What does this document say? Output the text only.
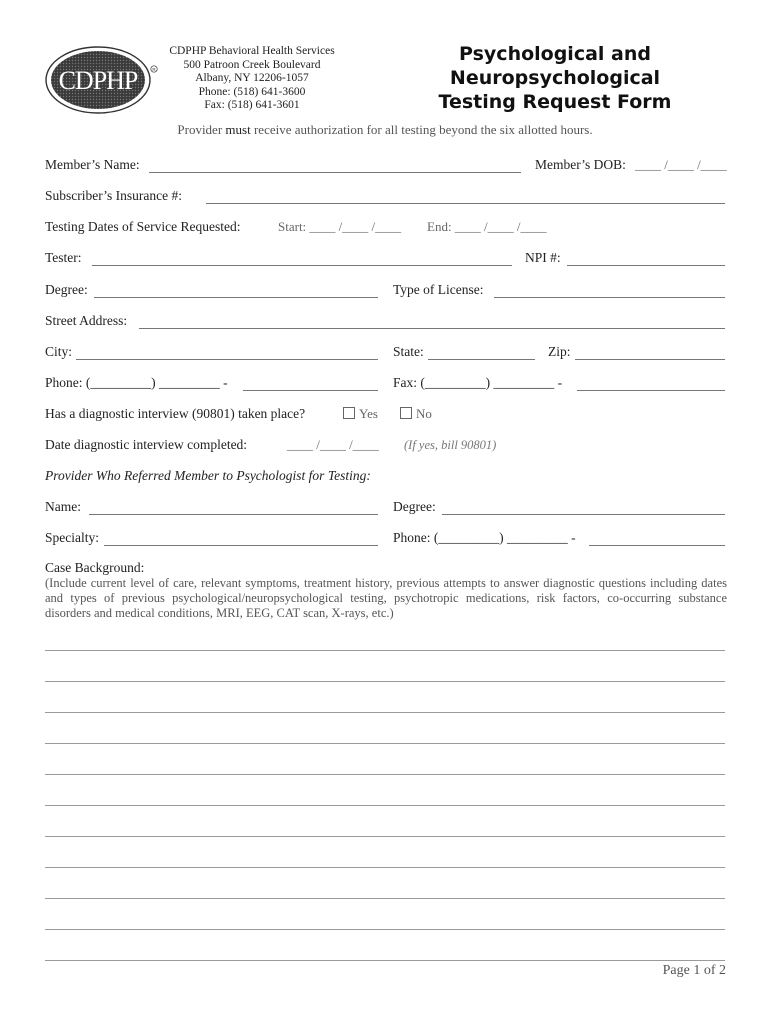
CDPHP	R
CDPHP Behavioral Health Services
500 Patroon Creek Boulevard
Albany, NY 12206-1057
Phone: (518) 641-3600
Fax: (518) 641-3601
Psychological and
Neuropsychological
Testing Request Form
Provider must receive authorization for all testing beyond the six allotted hours.
Member’s Name:	Member’s DOB: ____ /____ /____
Subscriber’s Insurance #:
Testing Dates of Service Requested:	Start: ____ /____ /____ End: ____ /____ /____
Tester:	NPI #:
Degree:	Type of License:
Street Address:
City:	State:	Zip:
Phone: (_________) _________ -	Fax: (_________) _________ -
Has a diagnostic interview (90801) taken place?	Yes	No
Date diagnostic interview completed:	____ /____ /____ (If yes, bill 90801)
Provider Who Referred Member to Psychologist for Testing:
Name:	Degree:
Specialty:	Phone: (_________) _________ -
Case Background:
(Include current level of care, relevant symptoms, treatment history, previous attempts to answer diagnostic questions including dates and types of previous psychological/neuropsychological testing, psychotropic medications, risk factors, co-occurring substance disorders and medical conditions, MRI, EEG, CAT scan, X-rays, etc.)
Page 1 of 2
